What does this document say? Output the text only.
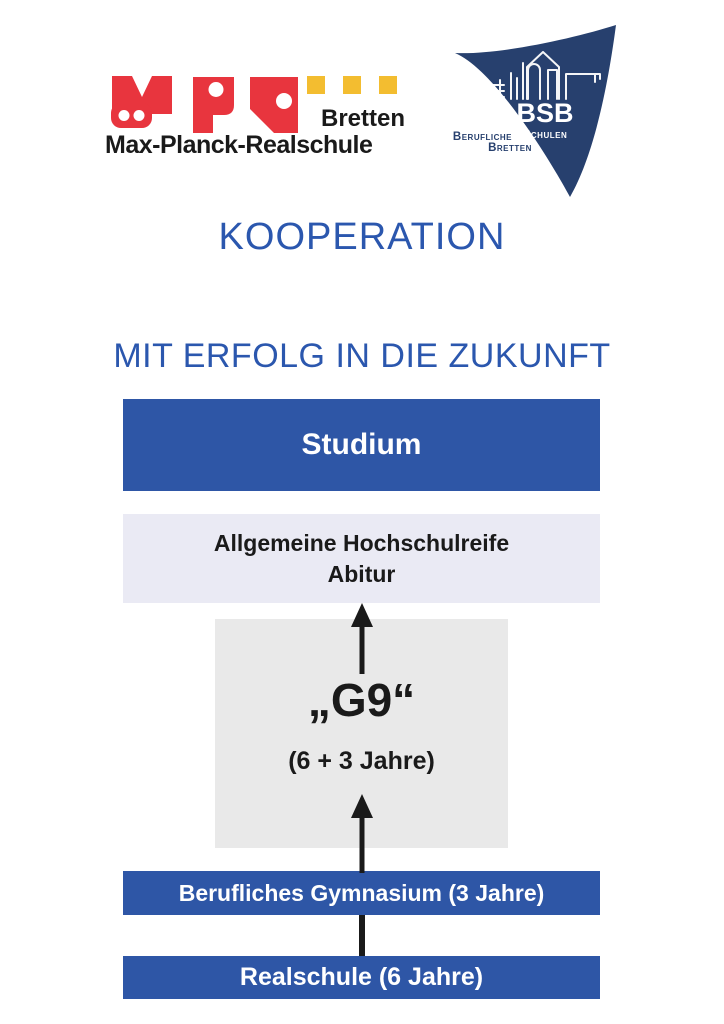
Bretten
Max-Planck-Realschule
BSB
Schulen
Berufliche
Bretten
KOOPERATION
MIT ERFOLG IN DIE ZUKUNFT
Studium
Allgemeine Hochschulreife
Abitur
„G9“
(6 + 3 Jahre)
Berufliches Gymnasium (3 Jahre)
Realschule (6 Jahre)
